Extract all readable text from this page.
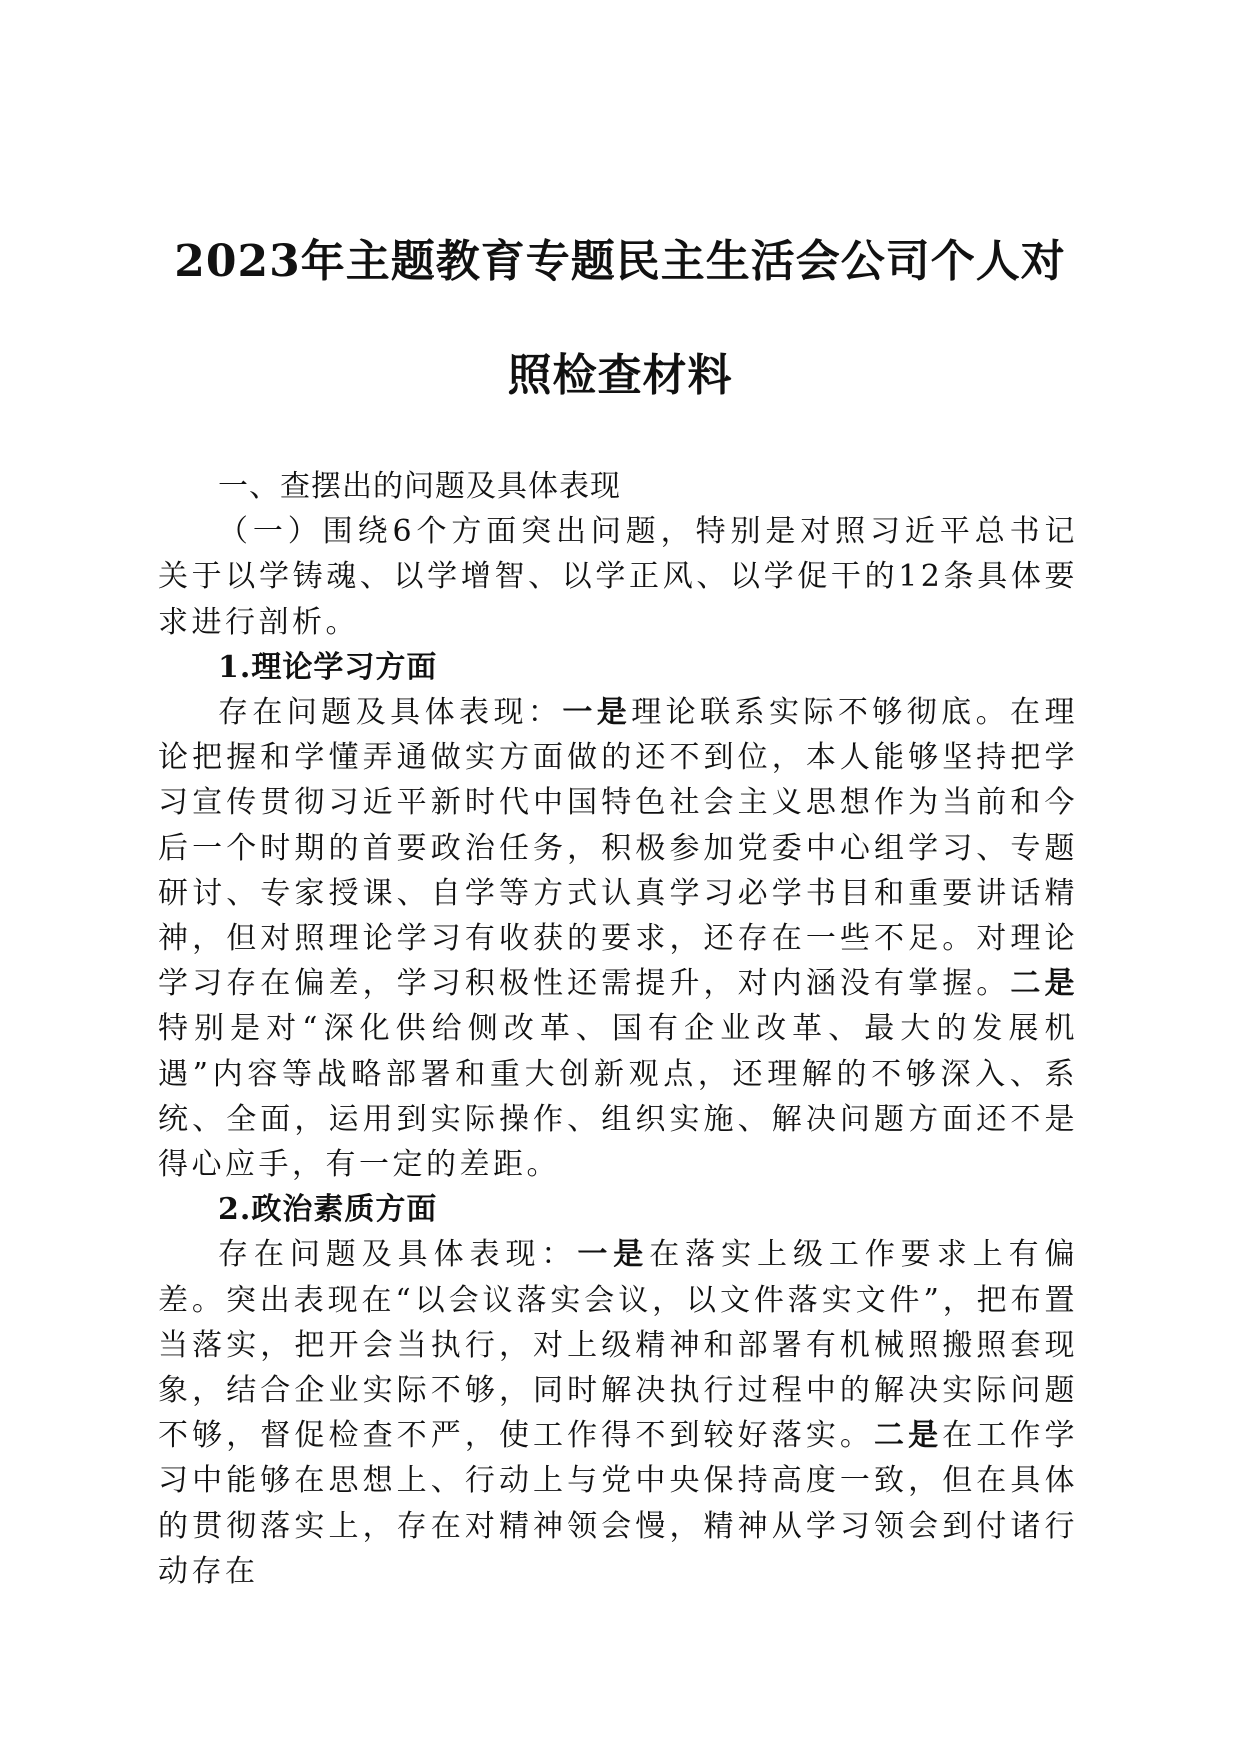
2023年主题教育专题民主生活会公司个人对
照检查材料

一、查摆出的问题及具体表现

（一）围绕6个方面突出问题，特别是对照习近平总书记关于以学铸魂、以学增智、以学正风、以学促干的12条具体要求进行剖析。

1.理论学习方面

存在问题及具体表现：一是理论联系实际不够彻底。在理论把握和学懂弄通做实方面做的还不到位，本人能够坚持把学习宣传贯彻习近平新时代中国特色社会主义思想作为当前和今后一个时期的首要政治任务，积极参加党委中心组学习、专题研讨、专家授课、自学等方式认真学习必学书目和重要讲话精神，但对照理论学习有收获的要求，还存在一些不足。对理论学习存在偏差，学习积极性还需提升，对内涵没有掌握。二是特别是对“深化供给侧改革、国有企业改革、最大的发展机遇”内容等战略部署和重大创新观点，还理解的不够深入、系统、全面，运用到实际操作、组织实施、解决问题方面还不是得心应手，有一定的差距。

2.政治素质方面

存在问题及具体表现：一是在落实上级工作要求上有偏差。突出表现在“以会议落实会议，以文件落实文件”，把布置当落实，把开会当执行，对上级精神和部署有机械照搬照套现象，结合企业实际不够，同时解决执行过程中的解决实际问题不够，督促检查不严，使工作得不到较好落实。二是在工作学习中能够在思想上、行动上与党中央保持高度一致，但在具体的贯彻落实上，存在对精神领会慢，精神从学习领会到付诸行动存在
